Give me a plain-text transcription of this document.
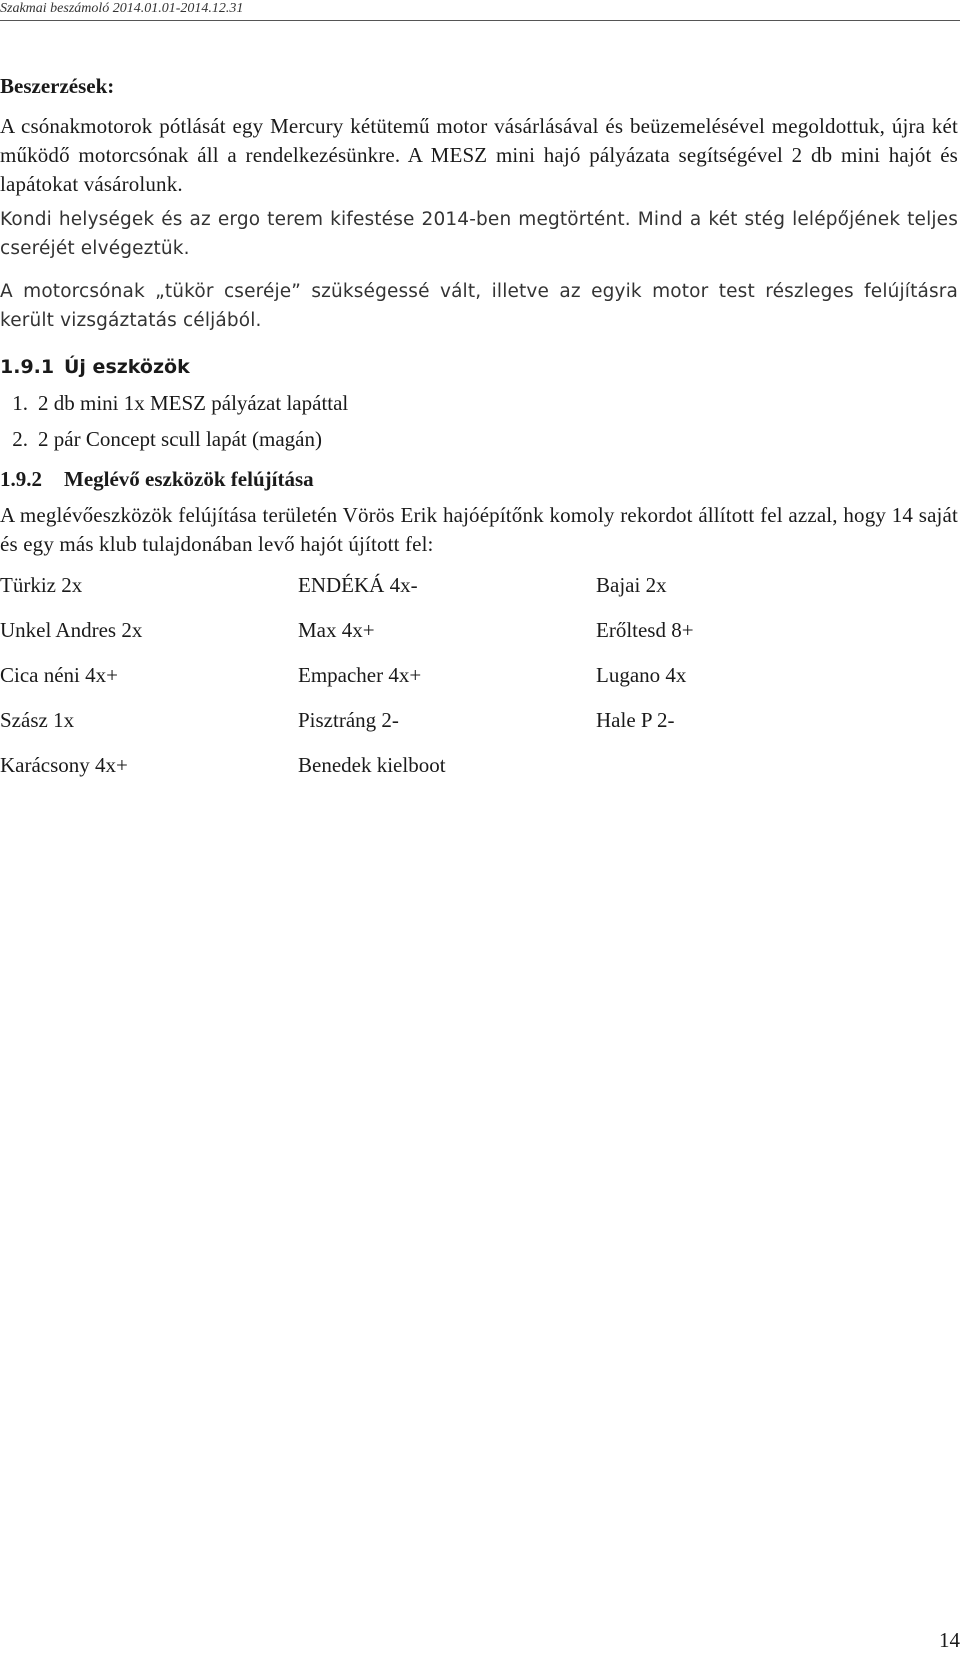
Szakmai beszámoló 2014.01.01-2014.12.31
Beszerzések:

A csónakmotorok pótlását egy Mercury kétütemű motor vásárlásával és beüzemelésével megoldottuk, újra két működő motorcsónak áll a rendelkezésünkre. A MESZ mini hajó pályázata segítségével 2 db mini hajót és lapátokat vásárolunk.

Kondi helységek és az ergo terem kifestése 2014-ben megtörtént. Mind a két stég lelépőjének teljes cseréjét elvégeztük.

A motorcsónak „tükör cseréje” szükségessé vált, illetve az egyik motor test részleges felújításra került vizsgáztatás céljából.

1.9.1 Új eszközök
1. 2 db mini 1x MESZ pályázat lapáttal
2. 2 pár Concept scull lapát (magán)
1.9.2 Meglévő eszközök felújítása

A meglévőeszközök felújítása területén Vörös Erik hajóépítőnk komoly rekordot állított fel azzal, hogy 14 saját és egy más klub tulajdonában levő hajót újított fel:

Türkiz 2x	ENDÉKÁ 4x-	Bajai 2x
Unkel Andres 2x	Max 4x+	Erőltesd 8+
Cica néni 4x+	Empacher 4x+	Lugano 4x
Szász 1x	Pisztráng 2-	Hale P 2-
Karácsony 4x+	Benedek kielboot	
14
